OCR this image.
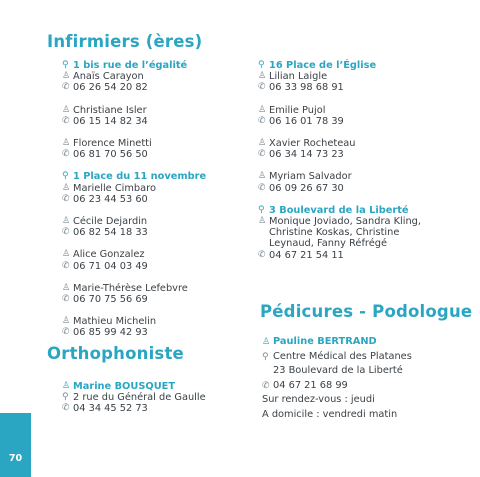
Infirmiers (ères)
Orthophoniste
Pédicures - Podologue
⚲ 1 bis rue de l’égalité
♙ Anaïs Carayon
✆ 06 26 54 20 82
♙ Christiane Isler
✆ 06 15 14 82 34
♙ Florence Minetti
✆ 06 81 70 56 50
⚲ 1 Place du 11 novembre
♙ Marielle Cimbaro
✆ 06 23 44 53 60
♙ Cécile Dejardin
✆ 06 82 54 18 33
♙ Alice Gonzalez
✆ 06 71 04 03 49
♙ Marie-Thérèse Lefebvre
✆ 06 70 75 56 69
♙ Mathieu Michelin
✆ 06 85 99 42 93
⚲ 16 Place de l’Église
♙ Lilian Laigle
✆ 06 33 98 68 91
♙ Emilie Pujol
✆ 06 16 01 78 39
♙ Xavier Rocheteau
✆ 06 34 14 73 23
♙ Myriam Salvador
✆ 06 09 26 67 30
⚲ 3 Boulevard de la Liberté
♙ Monique Joviado, Sandra Kling,
Christine Koskas, Christine
Leynaud, Fanny Réfrégé
✆ 04 67 21 54 11
♙ Marine BOUSQUET
⚲ 2 rue du Général de Gaulle
✆ 04 34 45 52 73
♙ Pauline BERTRAND
⚲ Centre Médical des Platanes
23 Boulevard de la Liberté
✆ 04 67 21 68 99
Sur rendez-vous : jeudi
A domicile : vendredi matin
70
